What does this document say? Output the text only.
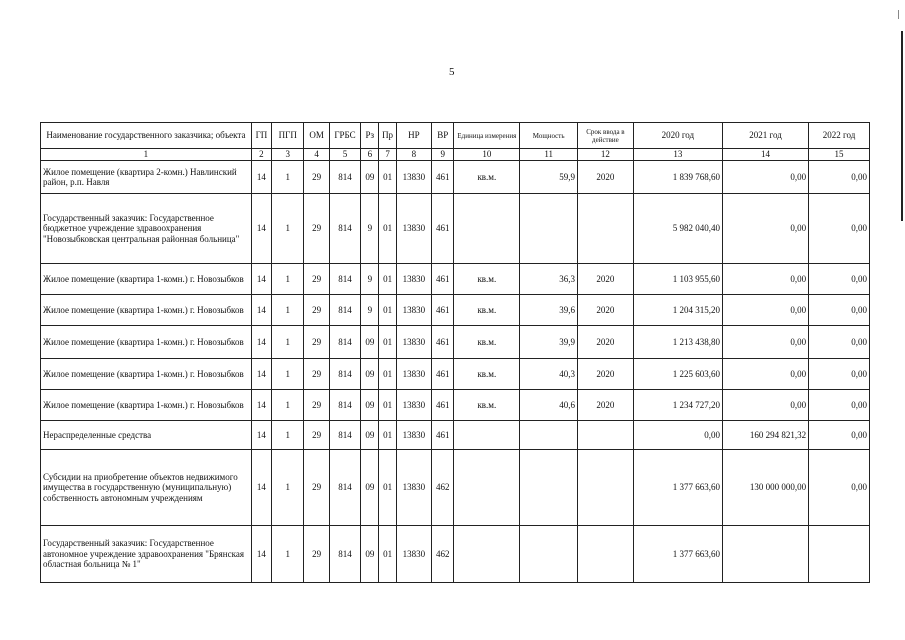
5
Наименование государственного заказчика; объекта	ГП	ПГП	ОМ	ГРБС	Рз	Пр	НР	ВР	Единица измерения	Мощность	Срок ввода в действие	2020 год	2021 год	2022 год
1	2	3	4	5	6	7	8	9	10	11	12	13	14	15
Жилое помещение (квартира 2-комн.) Навлинский район, р.п. Навля	14	1	29	814	09	01	13830	461	кв.м.	59,9	2020	1 839 768,60	0,00	0,00
Государственный заказчик: Государственное бюджетное учреждение здравоохранения "Новозыбковская центральная районная больница"	14	1	29	814	9	01	13830	461				5 982 040,40	0,00	0,00
Жилое помещение (квартира 1-комн.) г. Новозыбков	14	1	29	814	9	01	13830	461	кв.м.	36,3	2020	1 103 955,60	0,00	0,00
Жилое помещение (квартира 1-комн.) г. Новозыбков	14	1	29	814	9	01	13830	461	кв.м.	39,6	2020	1 204 315,20	0,00	0,00
Жилое помещение (квартира 1-комн.) г. Новозыбков	14	1	29	814	09	01	13830	461	кв.м.	39,9	2020	1 213 438,80	0,00	0,00
Жилое помещение (квартира 1-комн.) г. Новозыбков	14	1	29	814	09	01	13830	461	кв.м.	40,3	2020	1 225 603,60	0,00	0,00
Жилое помещение (квартира 1-комн.) г. Новозыбков	14	1	29	814	09	01	13830	461	кв.м.	40,6	2020	1 234 727,20	0,00	0,00
Нераспределенные средства	14	1	29	814	09	01	13830	461				0,00	160 294 821,32	0,00
Субсидии на приобретение объектов недвижимого имущества в государственную (муниципальную) собственность автономным учреждениям	14	1	29	814	09	01	13830	462				1 377 663,60	130 000 000,00	0,00
Государственный заказчик: Государственное автономное учреждение здравоохранения "Брянская областная больница № 1"	14	1	29	814	09	01	13830	462				1 377 663,60		
